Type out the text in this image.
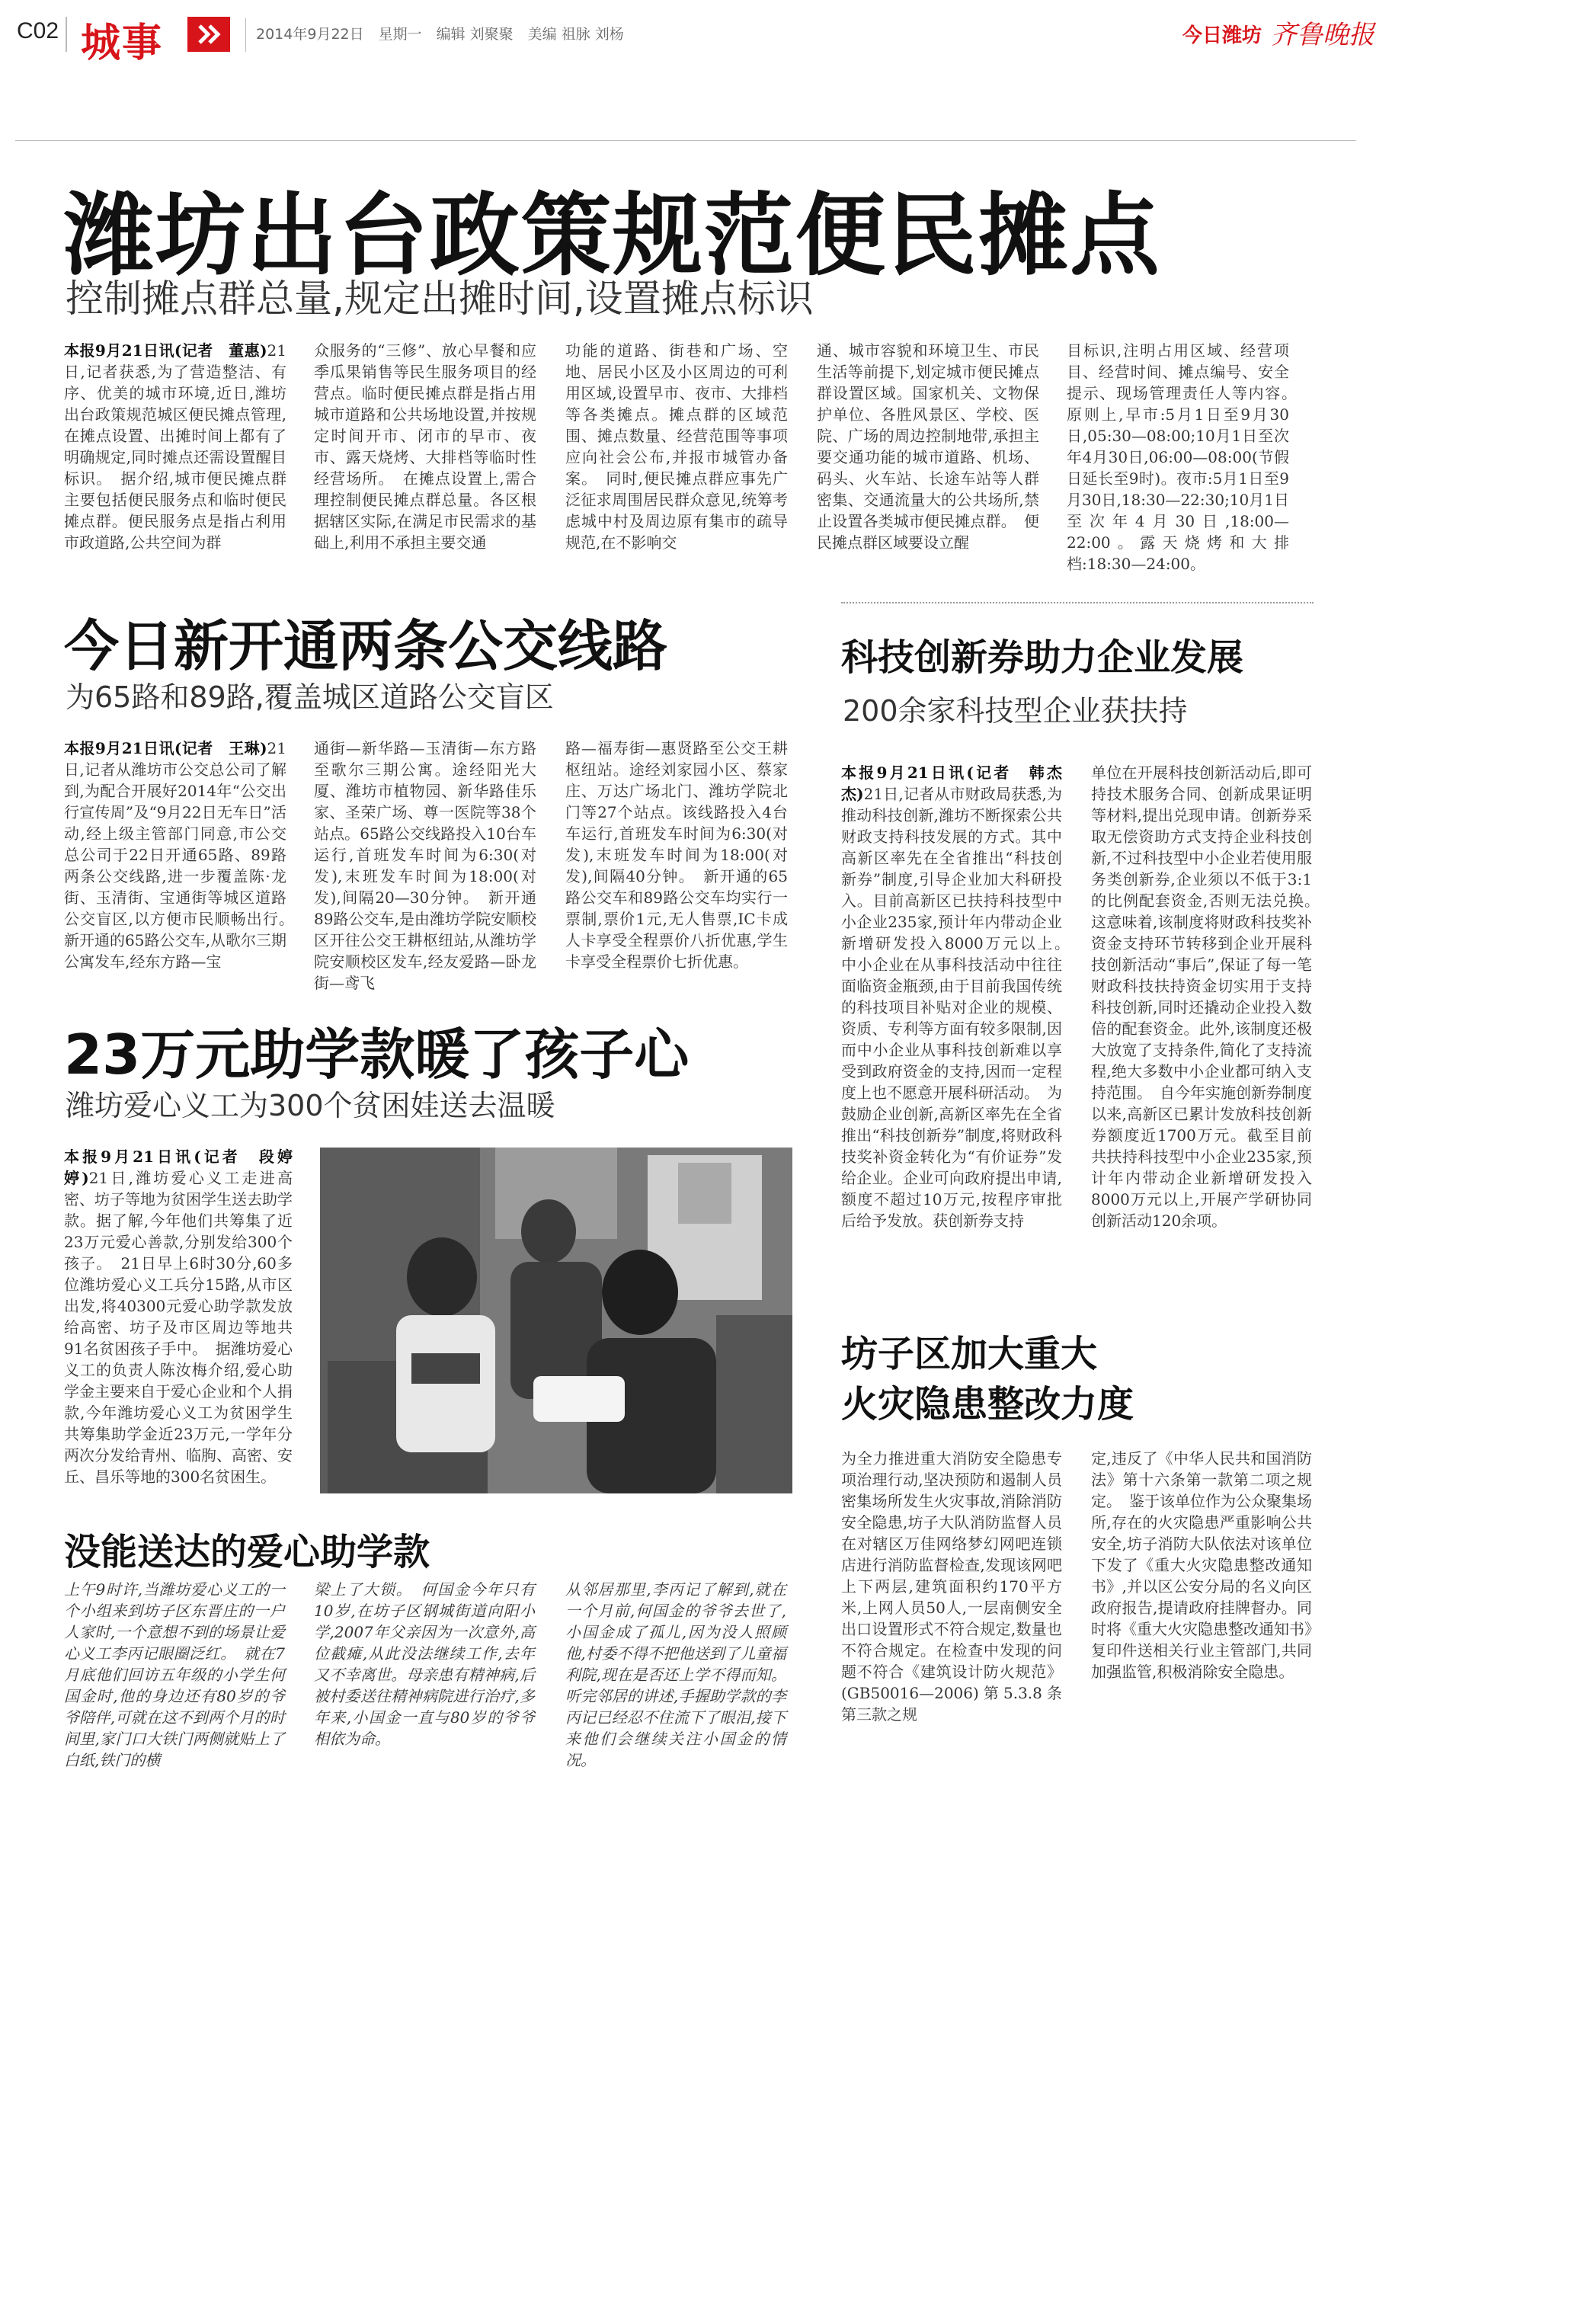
C02 城事	2014年9月22日　星期一　编辑 刘聚聚　美编 祖脉 刘杨	今日潍坊 齐鲁晚报
潍坊出台政策规范便民摊点
控制摊点群总量,规定出摊时间,设置摊点标识
本报9月21日讯(记者　董惠)21日,记者获悉,为了营造整洁、有序、优美的城市环境,近日,潍坊出台政策规范城区便民摊点管理,在摊点设置、出摊时间上都有了明确规定,同时摊点还需设置醒目标识。　据介绍,城市便民摊点群主要包括便民服务点和临时便民摊点群。便民服务点是指占利用市政道路,公共空间为群
众服务的“三修”、放心早餐和应季瓜果销售等民生服务项目的经营点。临时便民摊点群是指占用城市道路和公共场地设置,并按规定时间开市、闭市的早市、夜市、露天烧烤、大排档等临时性经营场所。　在摊点设置上,需合理控制便民摊点群总量。各区根据辖区实际,在满足市民需求的基础上,利用不承担主要交通
功能的道路、街巷和广场、空地、居民小区及小区周边的可利用区域,设置早市、夜市、大排档等各类摊点。摊点群的区域范围、摊点数量、经营范围等事项应向社会公布,并报市城管办备案。　同时,便民摊点群应事先广泛征求周围居民群众意见,统筹考虑城中村及周边原有集市的疏导规范,在不影响交
通、城市容貌和环境卫生、市民生活等前提下,划定城市便民摊点群设置区域。国家机关、文物保护单位、各胜风景区、学校、医院、广场的周边控制地带,承担主要交通功能的城市道路、机场、码头、火车站、长途车站等人群密集、交通流量大的公共场所,禁止设置各类城市便民摊点群。　便民摊点群区域要设立醒
目标识,注明占用区域、经营项目、经营时间、摊点编号、安全提示、现场管理责任人等内容。　原则上,早市:5月1日至9月30日,05:30—08:00;10月1日至次年4月30日,06:00—08:00(节假日延长至9时)。夜市:5月1日至9月30日,18:30—22:30;10月1日至次年4月30日,18:00—22:00。露天烧烤和大排档:18:30—24:00。
今日新开通两条公交线路
为65路和89路,覆盖城区道路公交盲区
本报9月21日讯(记者　王琳)21日,记者从潍坊市公交总公司了解到,为配合开展好2014年“公交出行宣传周”及“9月22日无车日”活动,经上级主管部门同意,市公交总公司于22日开通65路、89路两条公交线路,进一步覆盖陈·龙街、玉清街、宝通街等城区道路公交盲区,以方便市民顺畅出行。　新开通的65路公交车,从歌尔三期公寓发车,经东方路—宝
通街—新华路—玉清街—东方路至歌尔三期公寓。途经阳光大厦、潍坊市植物园、新华路佳乐家、圣荣广场、尊一医院等38个站点。65路公交线路投入10台车运行,首班发车时间为6:30(对发),末班发车时间为18:00(对发),间隔20—30分钟。　新开通89路公交车,是由潍坊学院安顺校区开往公交王耕枢纽站,从潍坊学院安顺校区发车,经友爱路—卧龙街—鸢飞
路—福寿街—惠贤路至公交王耕枢纽站。途经刘家园小区、蔡家庄、万达广场北门、潍坊学院北门等27个站点。该线路投入4台车运行,首班发车时间为6:30(对发),末班发车时间为18:00(对发),间隔40分钟。　新开通的65路公交车和89路公交车均实行一票制,票价1元,无人售票,IC卡成人卡享受全程票价八折优惠,学生卡享受全程票价七折优惠。
科技创新券助力企业发展
200余家科技型企业获扶持
本报9月21日讯(记者　韩杰杰)21日,记者从市财政局获悉,为推动科技创新,潍坊不断探索公共财政支持科技发展的方式。其中高新区率先在全省推出“科技创新券”制度,引导企业加大科研投入。目前高新区已扶持科技型中小企业235家,预计年内带动企业新增研发投入8000万元以上。　中小企业在从事科技活动中往往面临资金瓶颈,由于目前我国传统的科技项目补贴对企业的规模、资质、专利等方面有较多限制,因而中小企业从事科技创新难以享受到政府资金的支持,因而一定程度上也不愿意开展科研活动。　为鼓励企业创新,高新区率先在全省推出“科技创新券”制度,将财政科技奖补资金转化为“有价证券”发给企业。企业可向政府提出申请,额度不超过10万元,按程序审批后给予发放。获创新券支持
单位在开展科技创新活动后,即可持技术服务合同、创新成果证明等材料,提出兑现申请。创新券采取无偿资助方式支持企业科技创新,不过科技型中小企业若使用服务类创新券,企业须以不低于3:1的比例配套资金,否则无法兑换。　这意味着,该制度将财政科技奖补资金支持环节转移到企业开展科技创新活动“事后”,保证了每一笔财政科技扶持资金切实用于支持科技创新,同时还撬动企业投入数倍的配套资金。此外,该制度还极大放宽了支持条件,简化了支持流程,绝大多数中小企业都可纳入支持范围。　自今年实施创新券制度以来,高新区已累计发放科技创新券额度近1700万元。截至目前共扶持科技型中小企业235家,预计年内带动企业新增研发投入8000万元以上,开展产学研协同创新活动120余项。
23万元助学款暖了孩子心
潍坊爱心义工为300个贫困娃送去温暖
本报9月21日讯(记者　段婷婷)21日,潍坊爱心义工走进高密、坊子等地为贫困学生送去助学款。据了解,今年他们共筹集了近23万元爱心善款,分别发给300个孩子。　21日早上6时30分,60多位潍坊爱心义工兵分15路,从市区出发,将40300元爱心助学款发放给高密、坊子及市区周边等地共91名贫困孩子手中。　据潍坊爱心义工的负责人陈汝梅介绍,爱心助学金主要来自于爱心企业和个人捐款,今年潍坊爱心义工为贫困学生共筹集助学金近23万元,一学年分两次分发给青州、临朐、高密、安丘、昌乐等地的300名贫困生。
没能送达的爱心助学款
上午9时许,当潍坊爱心义工的一个小组来到坊子区东晋庄的一户人家时,一个意想不到的场景让爱心义工李丙记眼圈泛红。　就在7月底他们回访五年级的小学生何国金时,他的身边还有80岁的爷爷陪伴,可就在这不到两个月的时间里,家门口大铁门两侧就贴上了白纸,铁门的横
梁上了大锁。　何国金今年只有10岁,在坊子区钢城街道向阳小学,2007年父亲因为一次意外,高位截瘫,从此没法继续工作,去年又不幸离世。母亲患有精神病,后被村委送往精神病院进行治疗,多年来,小国金一直与80岁的爷爷相依为命。
从邻居那里,李丙记了解到,就在一个月前,何国金的爷爷去世了,小国金成了孤儿,因为没人照顾他,村委不得不把他送到了儿童福利院,现在是否还上学不得而知。听完邻居的讲述,手握助学款的李丙记已经忍不住流下了眼泪,接下来他们会继续关注小国金的情况。
坊子区加大重大
火灾隐患整改力度
为全力推进重大消防安全隐患专项治理行动,坚决预防和遏制人员密集场所发生火灾事故,消除消防安全隐患,坊子大队消防监督人员在对辖区万佳网络梦幻网吧连锁店进行消防监督检查,发现该网吧上下两层,建筑面积约170平方米,上网人员50人,一层南侧安全出口设置形式不符合规定,数量也不符合规定。在检查中发现的问题不符合《建筑设计防火规范》(GB50016—2006)第5.3.8条第三款之规
定,违反了《中华人民共和国消防法》第十六条第一款第二项之规定。　鉴于该单位作为公众聚集场所,存在的火灾隐患严重影响公共安全,坊子消防大队依法对该单位下发了《重大火灾隐患整改通知书》,并以区公安分局的名义向区政府报告,提请政府挂牌督办。同时将《重大火灾隐患整改通知书》复印件送相关行业主管部门,共同加强监管,积极消除安全隐患。
